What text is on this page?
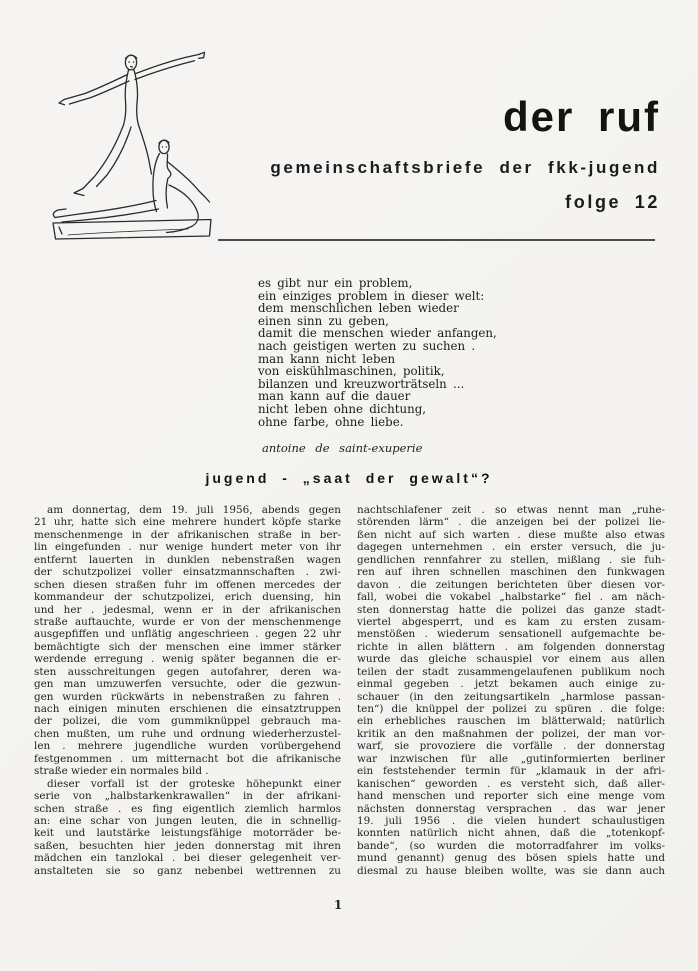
der ruf
gemeinschaftsbriefe der fkk-jugend
folge 12
es gibt nur ein problem,
ein einziges problem in dieser welt:
dem menschlichen leben wieder
einen sinn zu geben,
damit die menschen wieder anfangen,
nach geistigen werten zu suchen .
man kann nicht leben
von eiskühlmaschinen, politik,
bilanzen und kreuzworträtseln ...
man kann auf die dauer
nicht leben ohne dichtung,
ohne farbe, ohne liebe.
antoine de saint-exuperie
jugend - „saat der gewalt“?
am donnertag, dem 19. juli 1956, abends gegen
21 uhr, hatte sich eine mehrere hundert köpfe starke
menschenmenge in der afrikanischen straße in ber-
lin eingefunden . nur wenige hundert meter von ihr
entfernt lauerten in dunklen nebenstraßen wagen
der schutzpolizei voller einsatzmannschaften . zwi-
schen diesen straßen fuhr im offenen mercedes der
kommandeur der schutzpolizei, erich duensing, hin
und her . jedesmal, wenn er in der afrikanischen
straße auftauchte, wurde er von der menschenmenge
ausgepfiffen und unflätig angeschrieen . gegen 22 uhr
bemächtigte sich der menschen eine immer stärker
werdende erregung . wenig später begannen die er-
sten ausschreitungen gegen autofahrer, deren wa-
gen man umzuwerfen versuchte, oder die gezwun-
gen wurden rückwärts in nebenstraßen zu fahren .
nach einigen minuten erschienen die einsatztruppen
der polizei, die vom gummiknüppel gebrauch ma-
chen mußten, um ruhe und ordnung wiederherzustel-
len . mehrere jugendliche wurden vorübergehend
festgenommen . um mitternacht bot die afrikanische
straße wieder ein normales bild .
dieser vorfall ist der groteske höhepunkt einer
serie von „halbstarkenkrawallen“ in der afrikani-
schen straße . es fing eigentlich ziemlich harmlos
an: eine schar von jungen leuten, die in schnellig-
keit und lautstärke leistungsfähige motorräder be-
saßen, besuchten hier jeden donnerstag mit ihren
mädchen ein tanzlokal . bei dieser gelegenheit ver-
anstalteten sie so ganz nebenbei wettrennen zu
nachtschlafener zeit . so etwas nennt man „ruhe-
störenden lärm“ . die anzeigen bei der polizei lie-
ßen nicht auf sich warten . diese mußte also etwas
dagegen unternehmen . ein erster versuch, die ju-
gendlichen rennfahrer zu stellen, mißlang . sie fuh-
ren auf ihren schnellen maschinen den funkwagen
davon . die zeitungen berichteten über diesen vor-
fall, wobei die vokabel „halbstarke“ fiel . am näch-
sten donnerstag hatte die polizei das ganze stadt-
viertel abgesperrt, und es kam zu ersten zusam-
menstößen . wiederum sensationell aufgemachte be-
richte in allen blättern . am folgenden donnerstag
wurde das gleiche schauspiel vor einem aus allen
teilen der stadt zusammengelaufenen publikum noch
einmal gegeben . jetzt bekamen auch einige zu-
schauer (in den zeitungsartikeln „harmlose passan-
ten“) die knüppel der polizei zu spüren . die folge:
ein erhebliches rauschen im blätterwald; natürlich
kritik an den maßnahmen der polizei, der man vor-
warf, sie provoziere die vorfälle . der donnerstag
war inzwischen für alle „gutinformierten berliner
ein feststehender termin für „klamauk in der afri-
kanischen“ geworden . es versteht sich, daß aller-
hand menschen und reporter sich eine menge vom
nächsten donnerstag versprachen . das war jener
19. juli 1956 . die vielen hundert schaulustigen
konnten natürlich nicht ahnen, daß die „totenkopf-
bande“, (so wurden die motorradfahrer im volks-
mund genannt) genug des bösen spiels hatte und
diesmal zu hause bleiben wollte, was sie dann auch
1
